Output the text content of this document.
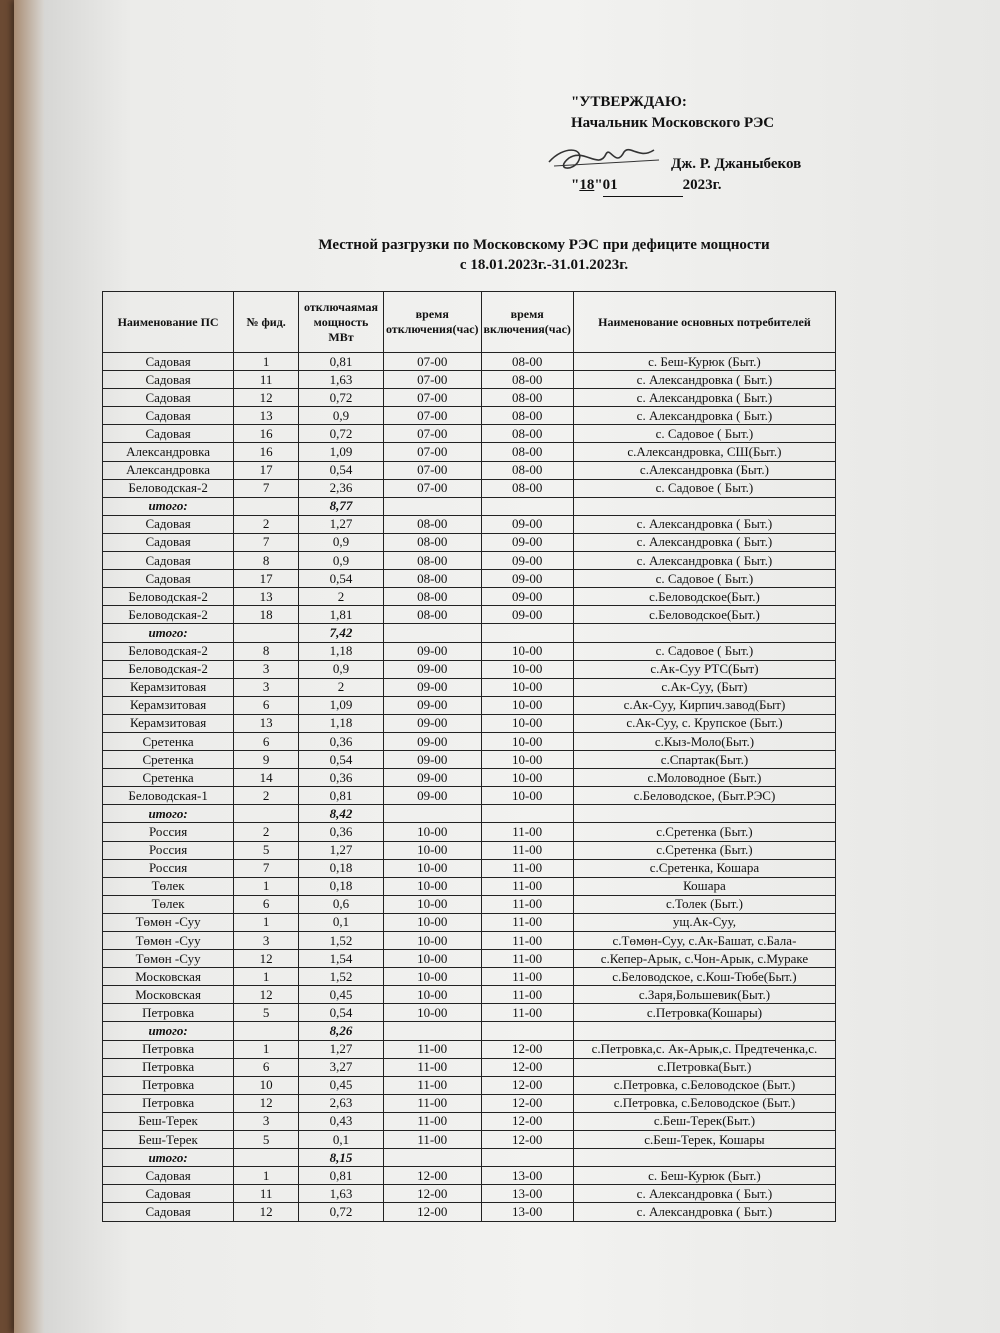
"УТВЕРЖДАЮ:
Начальник Московского РЭС
Дж. Р. Джаныбеков
"18"01	2023г.
Местной разгрузки по Московскому РЭС при дефиците мощности
с 18.01.2023г.-31.01.2023г.
Наименование ПС	№ фид.	отключаямая мощность МВт	время отключения(час)	время включения(час)	Наименование основных потребителей
Садовая	1	0,81	07-00	08-00	с. Беш-Курюк (Быт.)
Садовая	11	1,63	07-00	08-00	с. Александровка ( Быт.)
Садовая	12	0,72	07-00	08-00	с. Александровка ( Быт.)
Садовая	13	0,9	07-00	08-00	с. Александровка ( Быт.)
Садовая	16	0,72	07-00	08-00	с. Садовое ( Быт.)
Александровка	16	1,09	07-00	08-00	с.Александровка, СШ(Быт.)
Александровка	17	0,54	07-00	08-00	с.Александровка (Быт.)
Беловодская-2	7	2,36	07-00	08-00	с. Садовое ( Быт.)
итого:		8,77			
Садовая	2	1,27	08-00	09-00	с. Александровка ( Быт.)
Садовая	7	0,9	08-00	09-00	с. Александровка ( Быт.)
Садовая	8	0,9	08-00	09-00	с. Александровка ( Быт.)
Садовая	17	0,54	08-00	09-00	с. Садовое ( Быт.)
Беловодская-2	13	2	08-00	09-00	с.Беловодское(Быт.)
Беловодская-2	18	1,81	08-00	09-00	с.Беловодское(Быт.)
итого:		7,42			
Беловодская-2	8	1,18	09-00	10-00	с. Садовое ( Быт.)
Беловодская-2	3	0,9	09-00	10-00	с.Ак-Суу РТС(Быт)
Керамзитовая	3	2	09-00	10-00	с.Ак-Суу, (Быт)
Керамзитовая	6	1,09	09-00	10-00	с.Ак-Суу, Кирпич.завод(Быт)
Керамзитовая	13	1,18	09-00	10-00	с.Ак-Суу, с. Крупское (Быт.)
Сретенка	6	0,36	09-00	10-00	с.Кыз-Моло(Быт.)
Сретенка	9	0,54	09-00	10-00	с.Спартак(Быт.)
Сретенка	14	0,36	09-00	10-00	с.Моловодное (Быт.)
Беловодская-1	2	0,81	09-00	10-00	с.Беловодское, (Быт.РЭС)
итого:		8,42			
Россия	2	0,36	10-00	11-00	с.Сретенка (Быт.)
Россия	5	1,27	10-00	11-00	с.Сретенка (Быт.)
Россия	7	0,18	10-00	11-00	с.Сретенка, Кошара
Төлек	1	0,18	10-00	11-00	Кошара
Төлек	6	0,6	10-00	11-00	с.Толек (Быт.)
Төмөн -Суу	1	0,1	10-00	11-00	ущ.Ак-Суу,
Төмөн -Суу	3	1,52	10-00	11-00	с.Төмөн-Суу, с.Ак-Башат, с.Бала-
Төмөн -Суу	12	1,54	10-00	11-00	с.Кепер-Арык, с.Чон-Арык, с.Мураке
Московская	1	1,52	10-00	11-00	с.Беловодское, с.Кош-Тюбе(Быт.)
Московская	12	0,45	10-00	11-00	с.Заря,Большевик(Быт.)
Петровка	5	0,54	10-00	11-00	с.Петровка(Кошары)
итого:		8,26			
Петровка	1	1,27	11-00	12-00	с.Петровка,с. Ак-Арык,с. Предтеченка,с.
Петровка	6	3,27	11-00	12-00	с.Петровка(Быт.)
Петровка	10	0,45	11-00	12-00	с.Петровка, с.Беловодское (Быт.)
Петровка	12	2,63	11-00	12-00	с.Петровка, с.Беловодское (Быт.)
Беш-Терек	3	0,43	11-00	12-00	с.Беш-Терек(Быт.)
Беш-Терек	5	0,1	11-00	12-00	с.Беш-Терек, Кошары
итого:		8,15			
Садовая	1	0,81	12-00	13-00	с. Беш-Курюк (Быт.)
Садовая	11	1,63	12-00	13-00	с. Александровка ( Быт.)
Садовая	12	0,72	12-00	13-00	с. Александровка ( Быт.)
